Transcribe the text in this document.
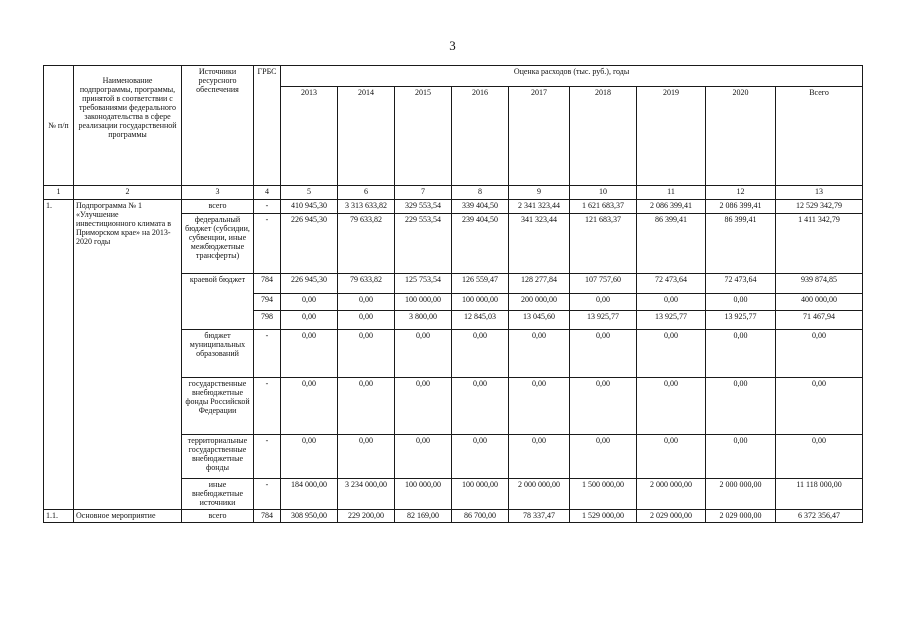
3
№ п/п	Наименование подпрограммы, программы, принятой в соответствии с требованиями федерального законодательства в сфере реализации государственной программы	Источники ресурсного обеспечения	ГРБС	Оценка расходов (тыс. руб.), годы								
				2013	2014	2015	2016	2017	2018	2019	2020	Всего
1	2	3	4	5	6	7	8	9	10	11	12	13
1.	Подпрограмма № 1 «Улучшение инвестиционного климата в Приморском крае» на 2013-2020 годы	всего	-	410 945,30	3 313 633,82	329 553,54	339 404,50	2 341 323,44	1 621 683,37	2 086 399,41	2 086 399,41	12 529 342,79
		федеральный бюджет (субсидии, субвенции, иные межбюджетные трансферты)	-	226 945,30	79 633,82	229 553,54	239 404,50	341 323,44	121 683,37	86 399,41	86 399,41	1 411 342,79
		краевой бюджет	784	226 945,30	79 633,82	125 753,54	126 559,47	128 277,84	107 757,60	72 473,64	72 473,64	939 874,85
			794	0,00	0,00	100 000,00	100 000,00	200 000,00	0,00	0,00	0,00	400 000,00
			798	0,00	0,00	3 800,00	12 845,03	13 045,60	13 925,77	13 925,77	13 925,77	71 467,94
		бюджет муниципальных образований	-	0,00	0,00	0,00	0,00	0,00	0,00	0,00	0,00	0,00
		государственные внебюджетные фонды Российской Федерации	-	0,00	0,00	0,00	0,00	0,00	0,00	0,00	0,00	0,00
		территориальные государственные внебюджетные фонды	-	0,00	0,00	0,00	0,00	0,00	0,00	0,00	0,00	0,00
		иные внебюджетные источники	-	184 000,00	3 234 000,00	100 000,00	100 000,00	2 000 000,00	1 500 000,00	2 000 000,00	2 000 000,00	11 118 000,00
1.1.	Основное мероприятие	всего	784	308 950,00	229 200,00	82 169,00	86 700,00	78 337,47	1 529 000,00	2 029 000,00	2 029 000,00	6 372 356,47
